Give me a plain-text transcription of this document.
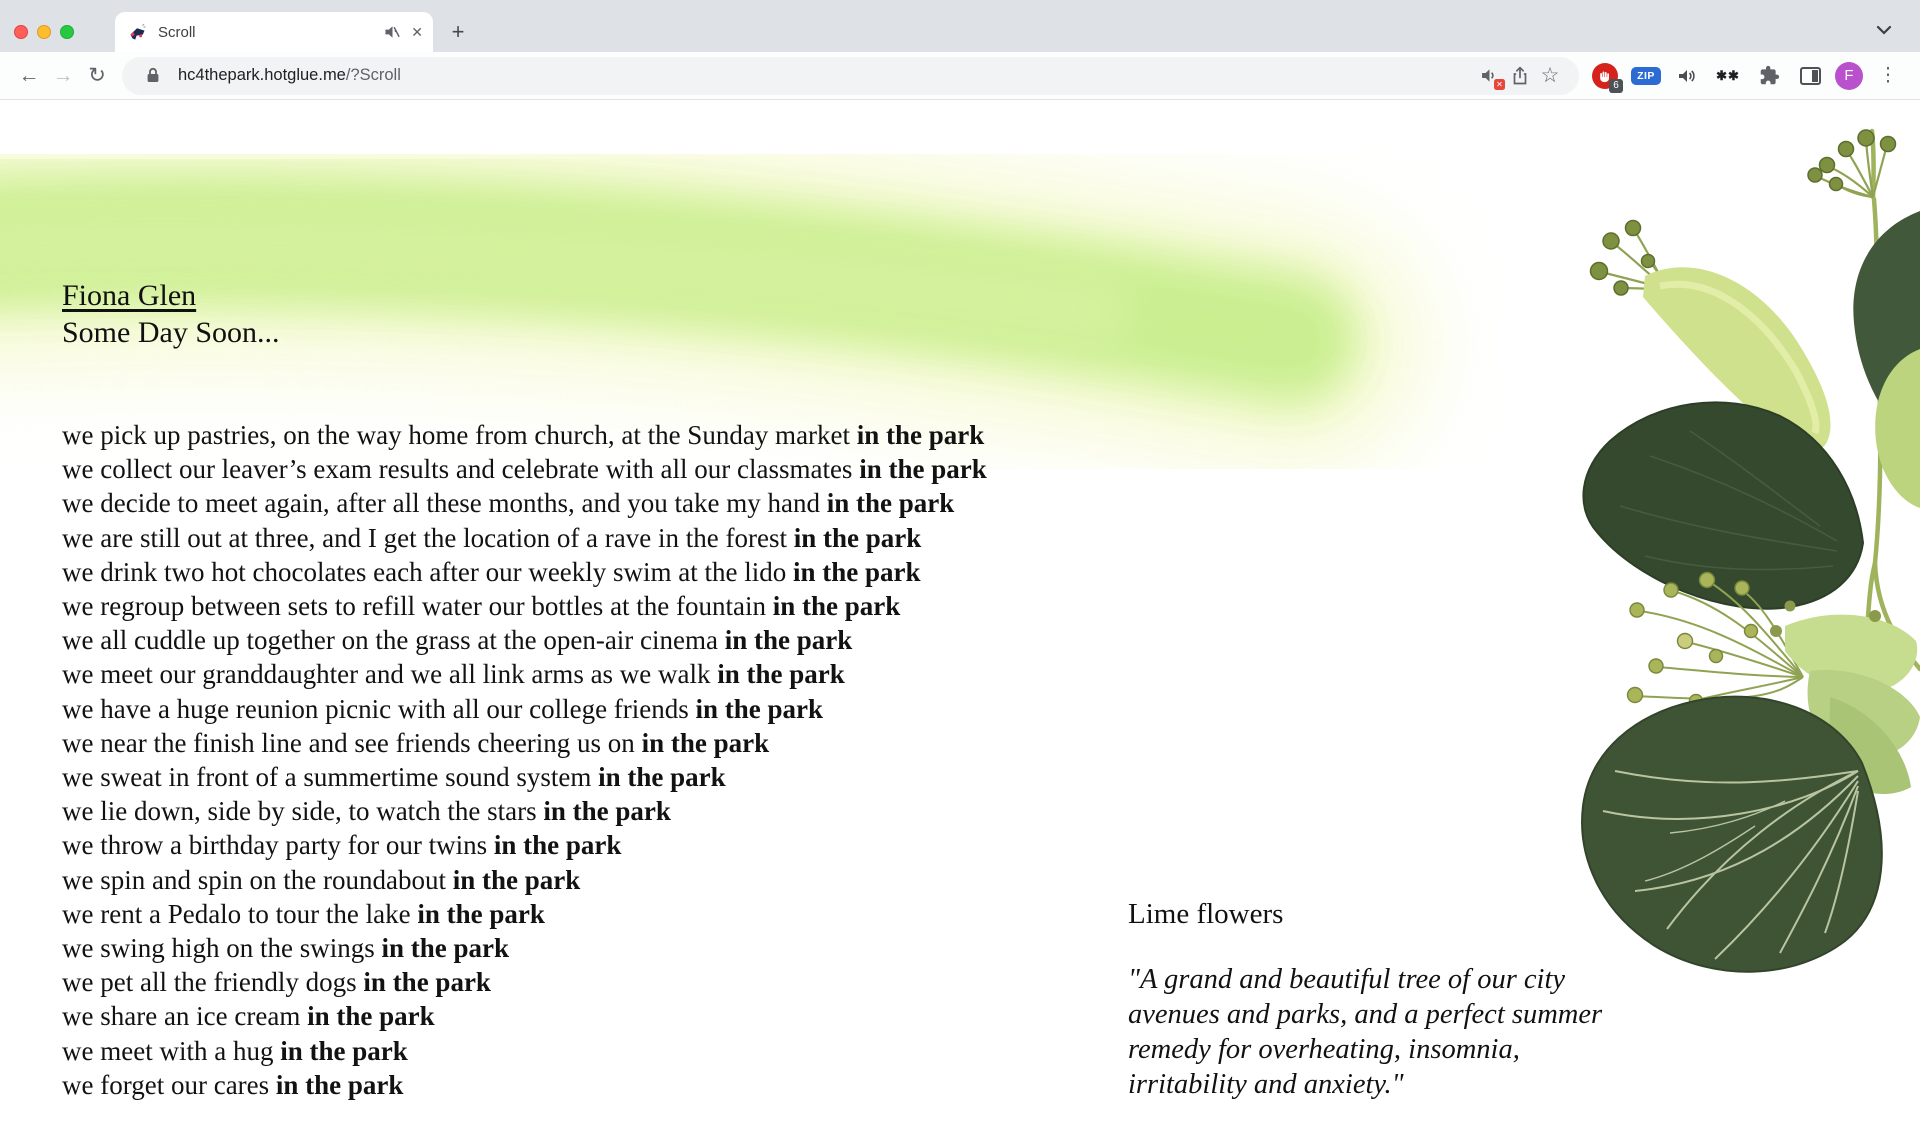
Scroll	✕	+
← → ↻	hc4thepark.hotglue.me/?Scroll	✕ ☆	6
ZIP	✱✱	F	⋮
Fiona Glen
Some Day Soon...
we pick up pastries, on the way home from church, at the Sunday market in the park
we collect our leaver’s exam results and celebrate with all our classmates in the park
we decide to meet again, after all these months, and you take my hand in the park
we are still out at three, and I get the location of a rave in the forest in the park
we drink two hot chocolates each after our weekly swim at the lido in the park
we regroup between sets to refill water our bottles at the fountain in the park
we all cuddle up together on the grass at the open-air cinema in the park
we meet our granddaughter and we all link arms as we walk in the park
we have a huge reunion picnic with all our college friends in the park
we near the finish line and see friends cheering us on in the park
we sweat in front of a summertime sound system in the park
we lie down, side by side, to watch the stars in the park
we throw a birthday party for our twins in the park
we spin and spin on the roundabout in the park
we rent a Pedalo to tour the lake in the park
we swing high on the swings in the park
we pet all the friendly dogs in the park
we share an ice cream in the park
we meet with a hug in the park
we forget our cares in the park
Lime flowers
"A grand and beautiful tree of our city
avenues and parks, and a perfect summer
remedy for overheating, insomnia,
irritability and anxiety."
